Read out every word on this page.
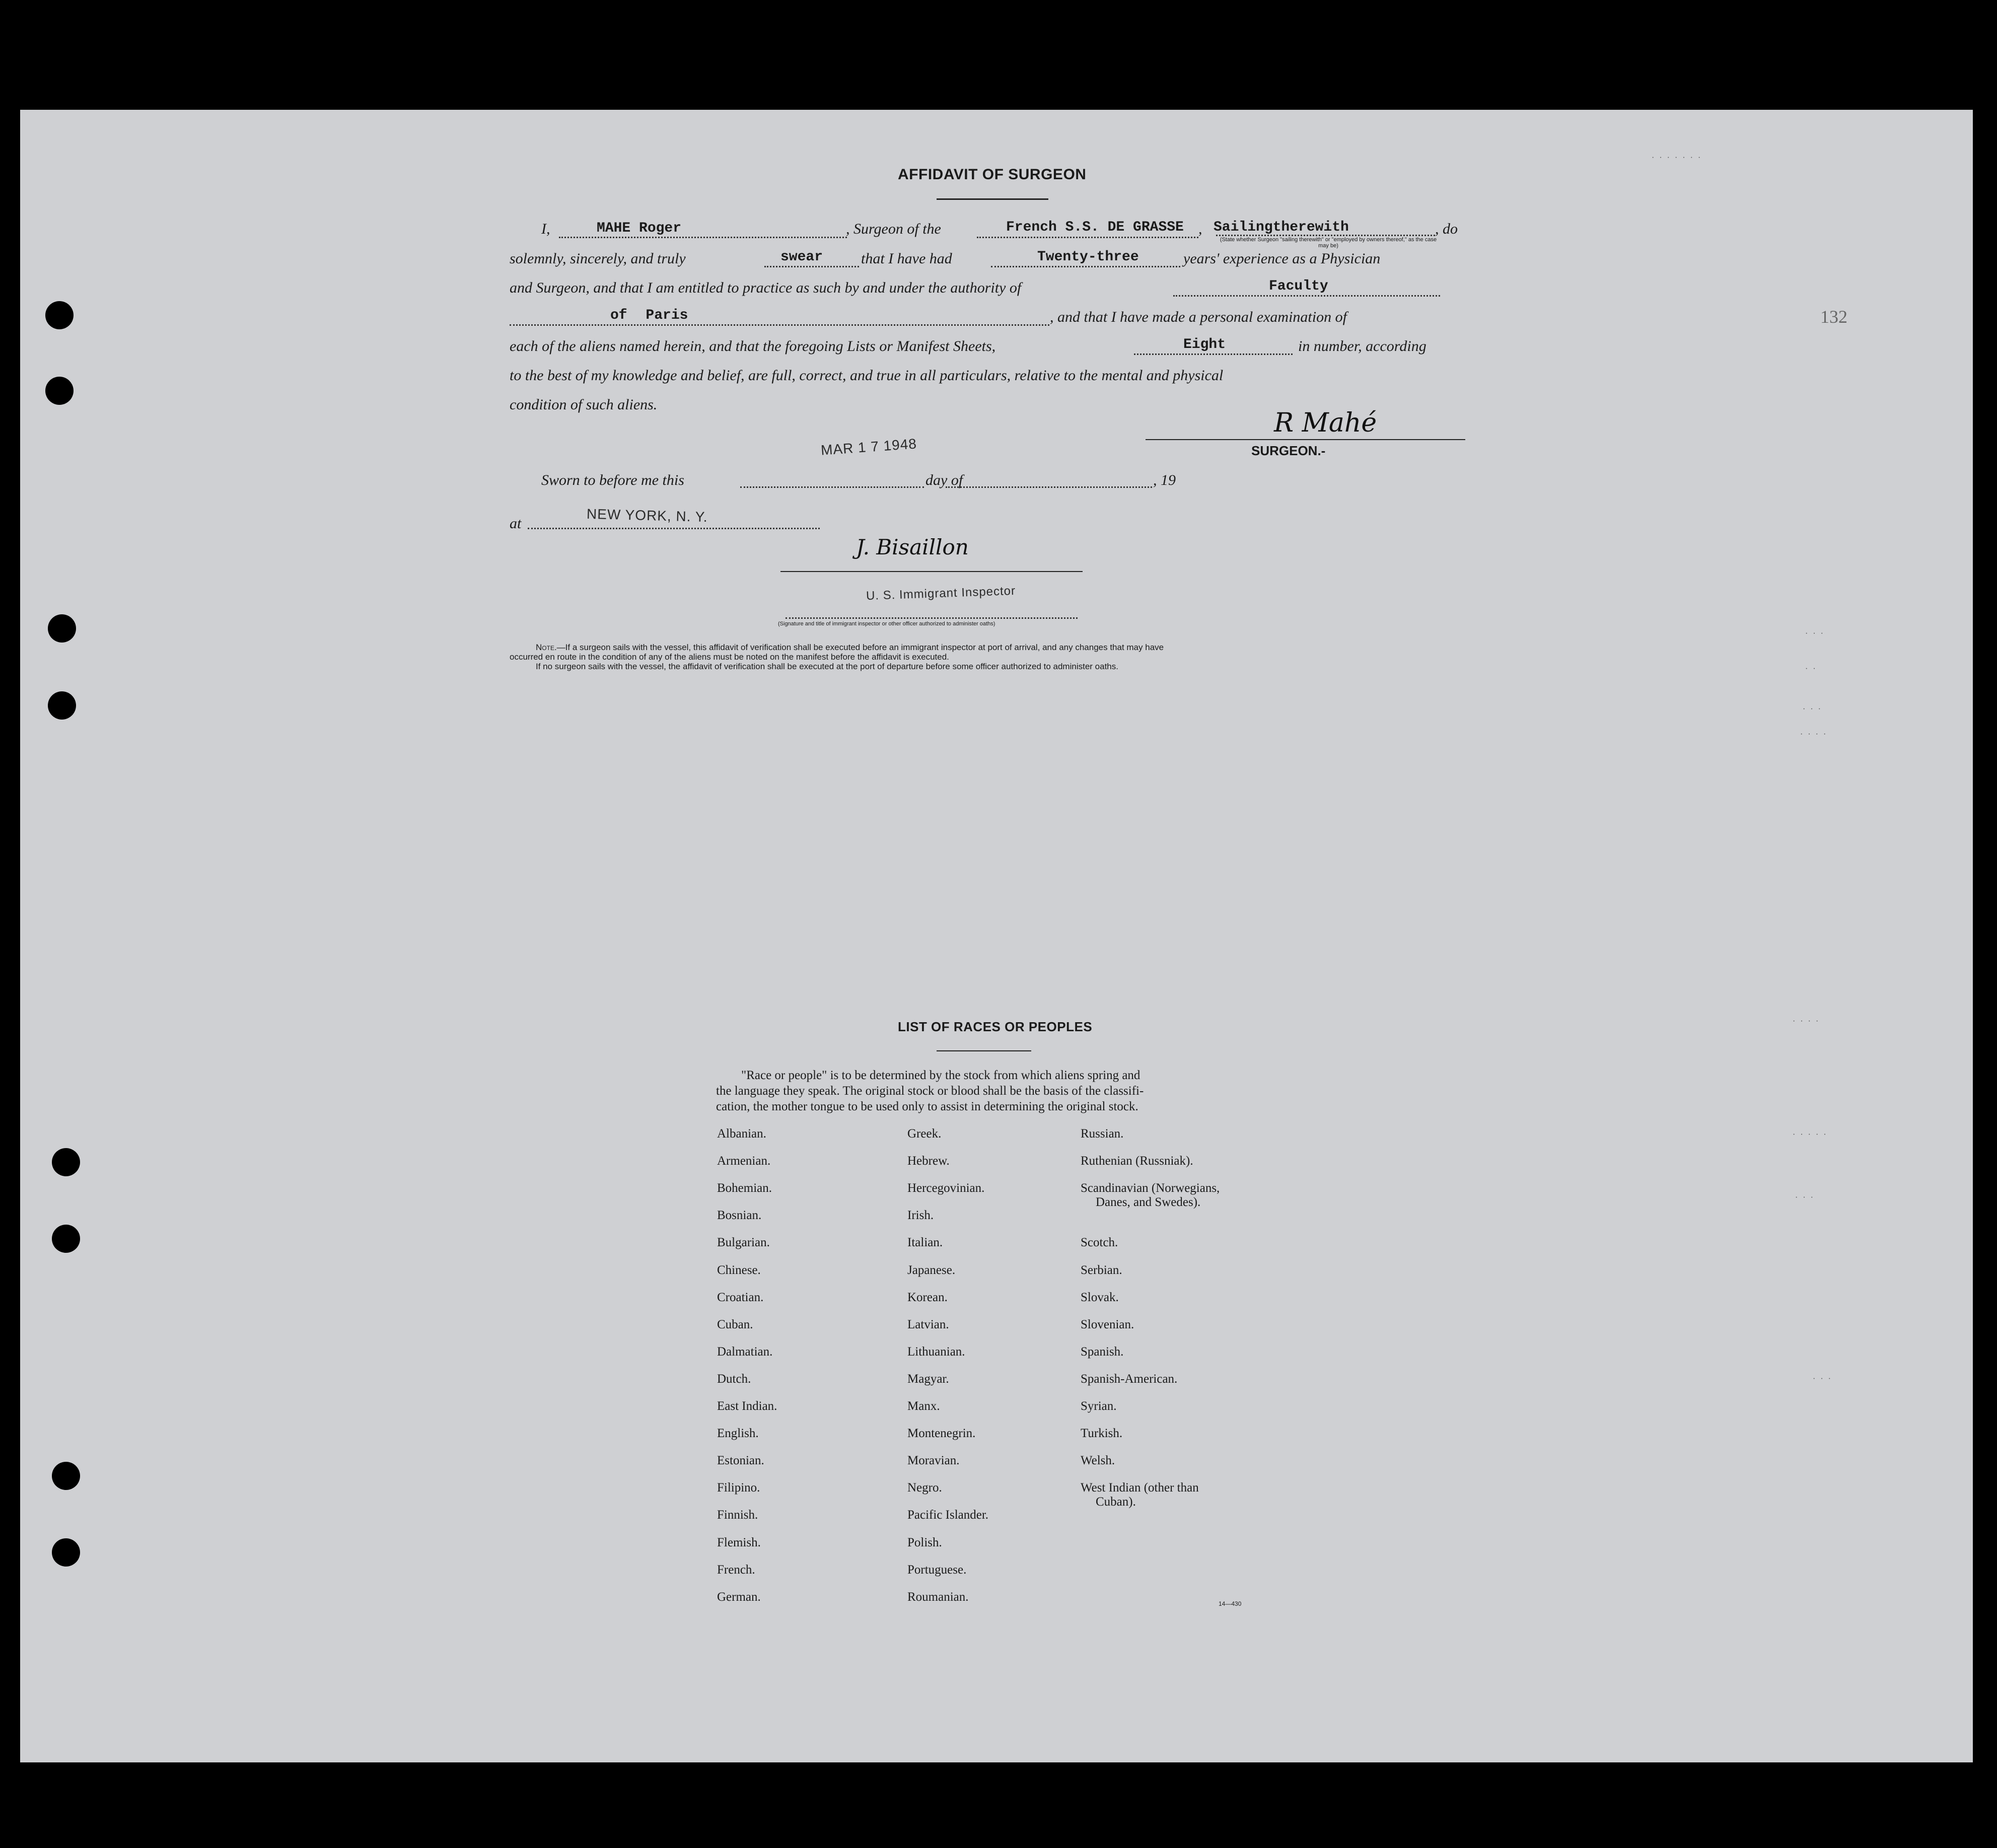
132
· · · · · · ·
· · ·
· ·
· · ·
· · · ·
· · · ·
· · · · ·
· · ·
· · ·
AFFIDAVIT OF SURGEON
I,	MAHE Roger	, Surgeon of the	French S.S. DE GRASSE , Sailingtherewith	, do
(State whether Surgeon "sailing therewith" or "employed by owners thereof," as the case may be)
solemnly, sincerely, and truly	swear	that I have had	Twenty-three	years' experience as a Physician
and Surgeon, and that I am entitled to practice as such by and under the authority of	Faculty
of Paris	, and that I have made a personal examination of
each of the aliens named herein, and that the foregoing Lists or Manifest Sheets,	Eight	in number, according
to the best of my knowledge and belief, are full, correct, and true in all particulars, relative to the mental and physical
condition of such aliens.
R Mahé
SURGEON.-
MAR 1 7 1948
Sworn to before me this	day of	, 19
at	NEW YORK, N. Y.
J. Bisaillon
U. S. Immigrant Inspector
(Signature and title of immigrant inspector or other officer authorized to administer oaths)
Note.—If a surgeon sails with the vessel, this affidavit of verification shall be executed before an immigrant inspector at port of arrival, and any changes that may have
occurred en route in the condition of any of the aliens must be noted on the manifest before the affidavit is executed.
If no surgeon sails with the vessel, the affidavit of verification shall be executed at the port of departure before some officer authorized to administer oaths.
LIST OF RACES OR PEOPLES
"Race or people" is to be determined by the stock from which aliens spring and
the language they speak. The original stock or blood shall be the basis of the classifi-
cation, the mother tongue to be used only to assist in determining the original stock.
Albanian.
Armenian.
Bohemian.
Bosnian.
Bulgarian.
Chinese.
Croatian.
Cuban.
Dalmatian.
Dutch.
East Indian.
English.
Estonian.
Filipino.
Finnish.
Flemish.
French.
German.
Greek.
Hebrew.
Hercegovinian.
Irish.
Italian.
Japanese.
Korean.
Latvian.
Lithuanian.
Magyar.
Manx.
Montenegrin.
Moravian.
Negro.
Pacific Islander.
Polish.
Portuguese.
Roumanian.
Russian.
Ruthenian (Russniak).
Scandinavian (Norwegians,
Danes, and Swedes).
Scotch.
Serbian.
Slovak.
Slovenian.
Spanish.
Spanish-American.
Syrian.
Turkish.
Welsh.
West Indian (other than
Cuban).
14—430
